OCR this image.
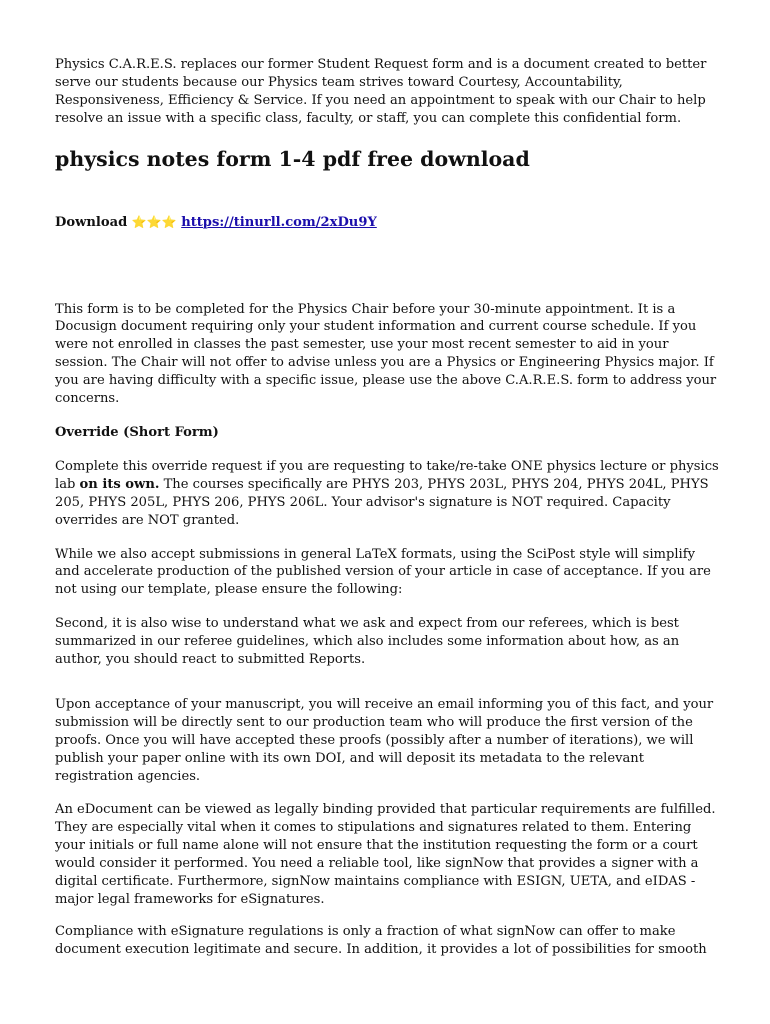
Physics C.A.R.E.S. replaces our former Student Request form and is a document created to better serve our students because our Physics team strives toward Courtesy, Accountability, Responsiveness, Efficiency & Service. If you need an appointment to speak with our Chair to help resolve an issue with a specific class, faculty, or staff, you can complete this confidential form.

physics notes form 1-4 pdf free download

Download ⭐⭐⭐ https://tinurll.com/2xDu9Y

This form is to be completed for the Physics Chair before your 30-minute appointment. It is a Docusign document requiring only your student information and current course schedule. If you were not enrolled in classes the past semester, use your most recent semester to aid in your session. The Chair will not offer to advise unless you are a Physics or Engineering Physics major. If you are having difficulty with a specific issue, please use the above C.A.R.E.S. form to address your concerns.

Override (Short Form)

Complete this override request if you are requesting to take/re-take ONE physics lecture or physics lab on its own. The courses specifically are PHYS 203, PHYS 203L, PHYS 204, PHYS 204L, PHYS 205, PHYS 205L, PHYS 206, PHYS 206L. Your advisor's signature is NOT required. Capacity overrides are NOT granted.

While we also accept submissions in general LaTeX formats, using the SciPost style will simplify and accelerate production of the published version of your article in case of acceptance. If you are not using our template, please ensure the following:

Second, it is also wise to understand what we ask and expect from our referees, which is best summarized in our referee guidelines, which also includes some information about how, as an author, you should react to submitted Reports.

Upon acceptance of your manuscript, you will receive an email informing you of this fact, and your submission will be directly sent to our production team who will produce the first version of the proofs. Once you will have accepted these proofs (possibly after a number of iterations), we will publish your paper online with its own DOI, and will deposit its metadata to the relevant registration agencies.

An eDocument can be viewed as legally binding provided that particular requirements are fulfilled. They are especially vital when it comes to stipulations and signatures related to them. Entering your initials or full name alone will not ensure that the institution requesting the form or a court would consider it performed. You need a reliable tool, like signNow that provides a signer with a digital certificate. Furthermore, signNow maintains compliance with ESIGN, UETA, and eIDAS - major legal frameworks for eSignatures.

Compliance with eSignature regulations is only a fraction of what signNow can offer to make document execution legitimate and secure. In addition, it provides a lot of possibilities for smooth
